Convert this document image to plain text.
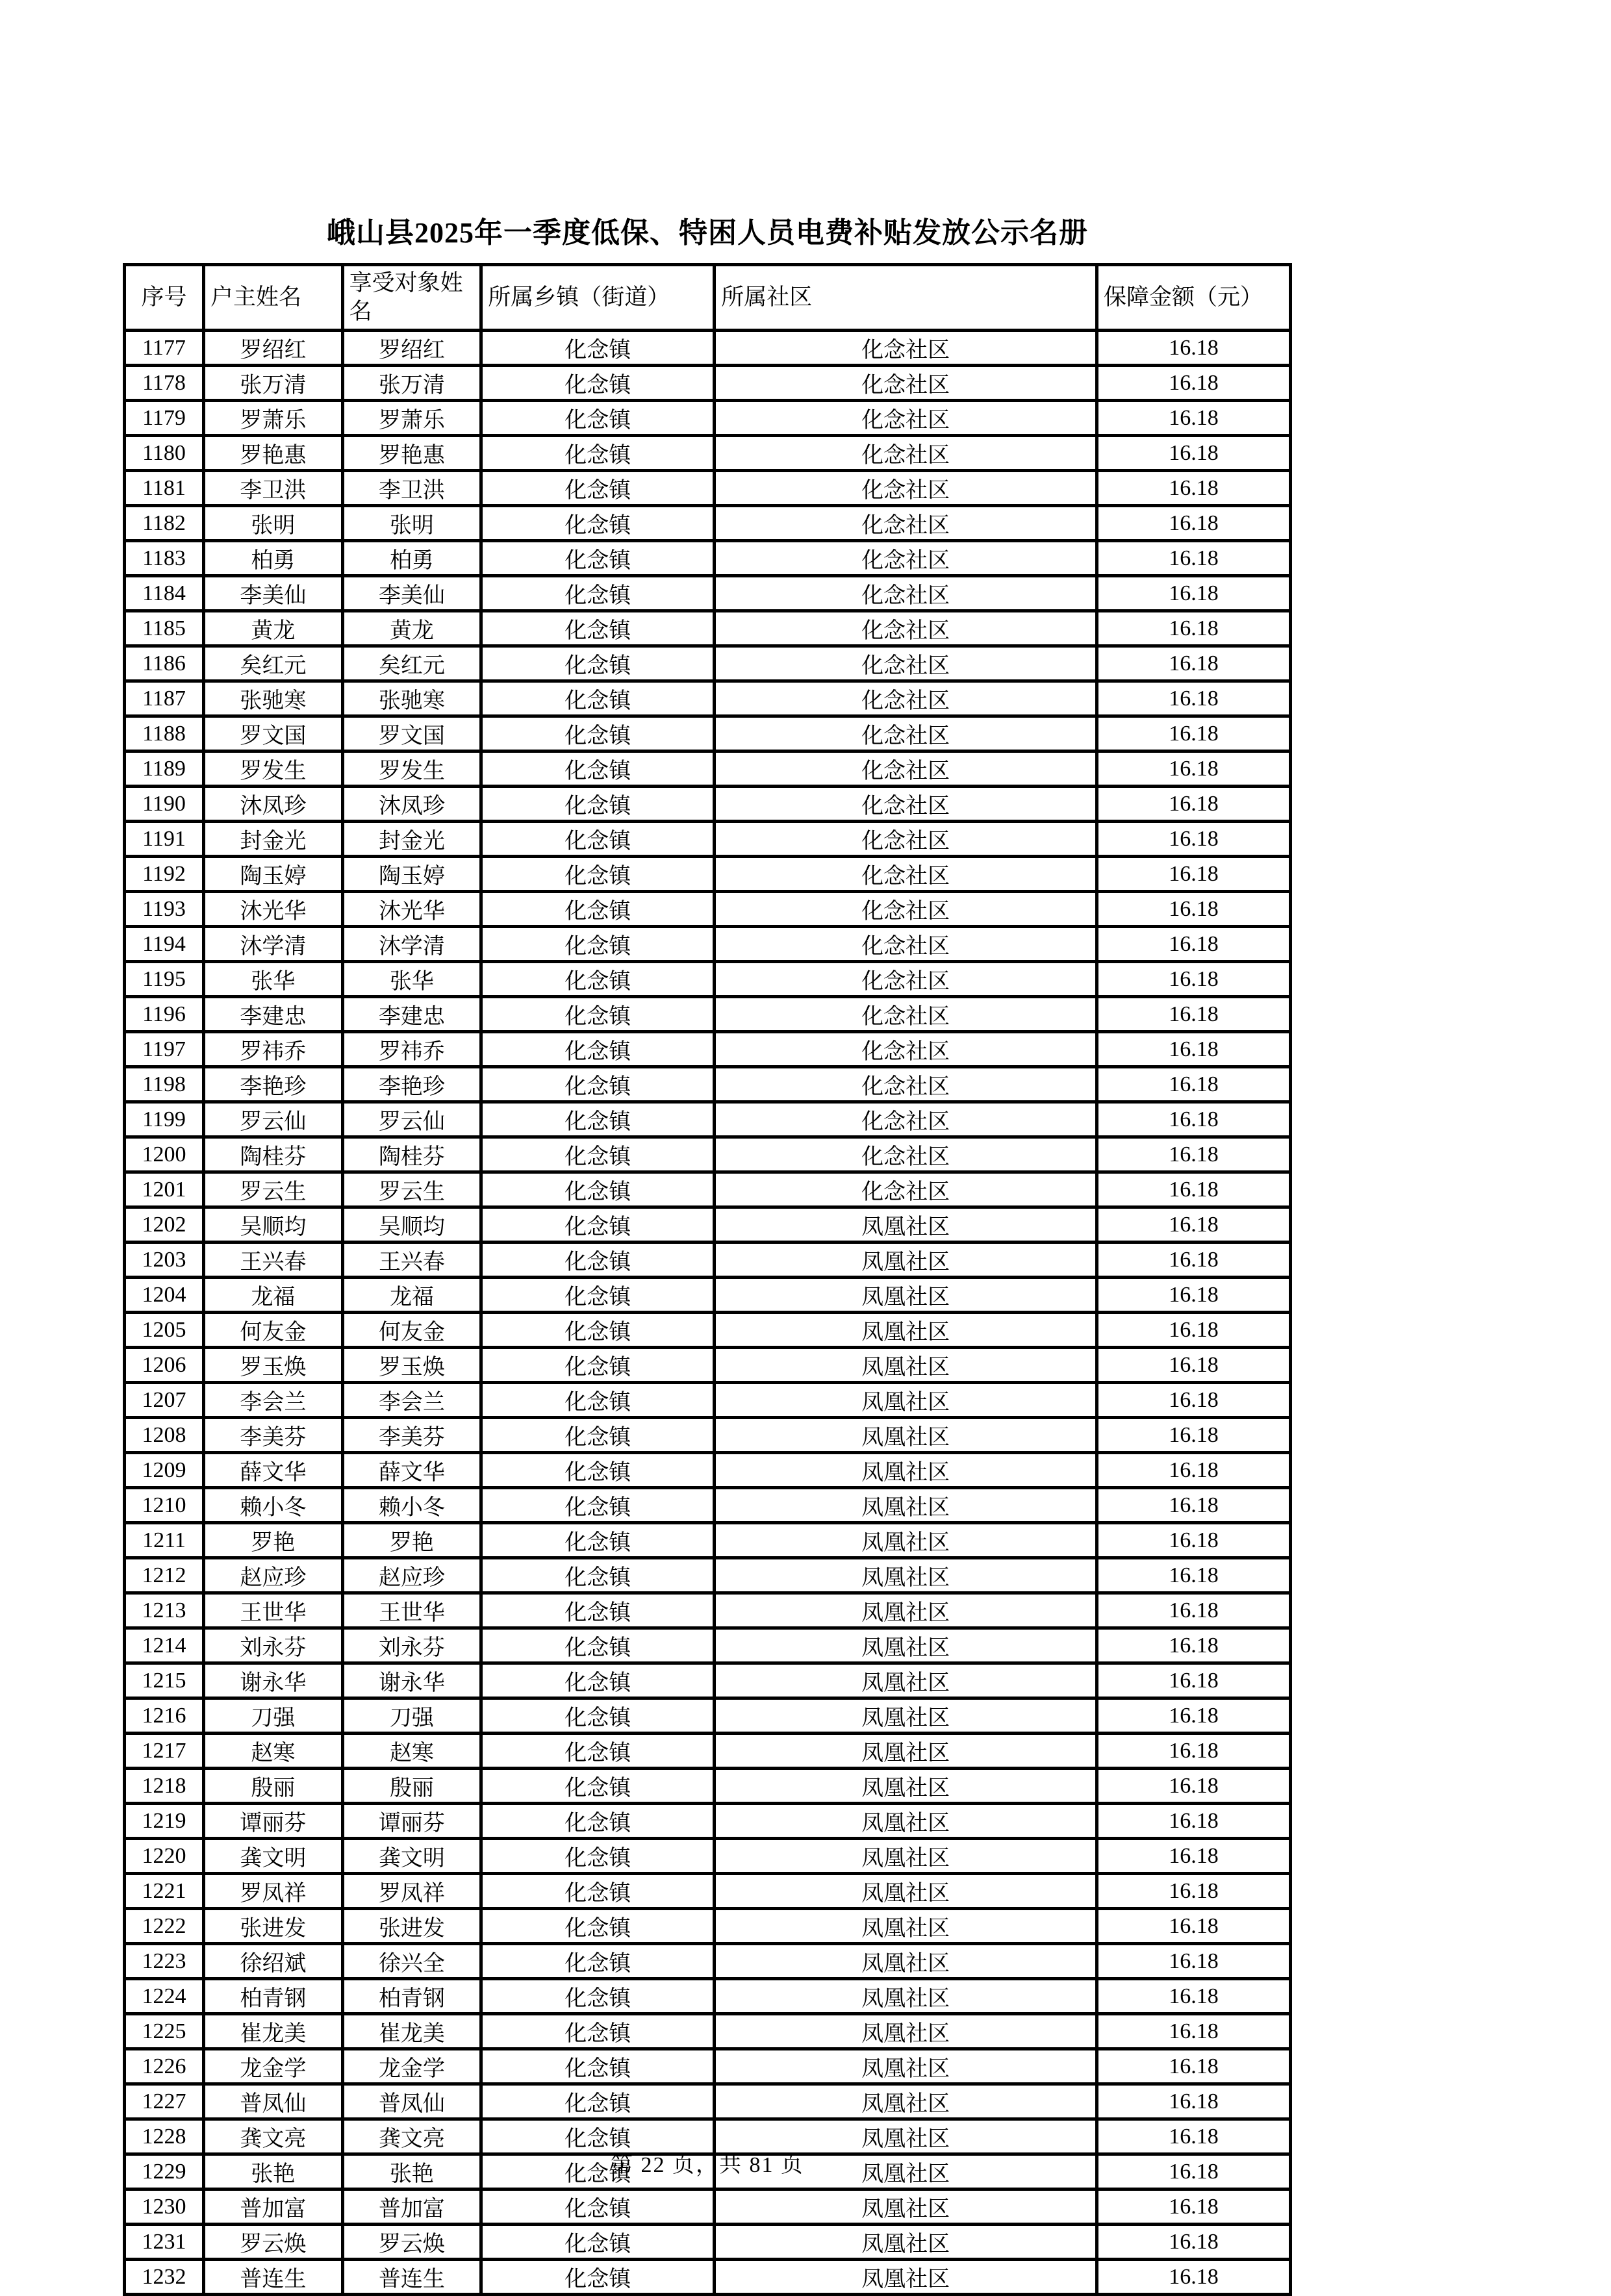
峨山县2025年一季度低保、特困人员电费补贴发放公示名册
序号	户主姓名	享受对象姓名	所属乡镇（街道）	所属社区	保障金额（元）
1177	罗绍红	罗绍红	化念镇	化念社区	16.18
1178	张万清	张万清	化念镇	化念社区	16.18
1179	罗萧乐	罗萧乐	化念镇	化念社区	16.18
1180	罗艳惠	罗艳惠	化念镇	化念社区	16.18
1181	李卫洪	李卫洪	化念镇	化念社区	16.18
1182	张明	张明	化念镇	化念社区	16.18
1183	柏勇	柏勇	化念镇	化念社区	16.18
1184	李美仙	李美仙	化念镇	化念社区	16.18
1185	黄龙	黄龙	化念镇	化念社区	16.18
1186	矣红元	矣红元	化念镇	化念社区	16.18
1187	张驰寒	张驰寒	化念镇	化念社区	16.18
1188	罗文国	罗文国	化念镇	化念社区	16.18
1189	罗发生	罗发生	化念镇	化念社区	16.18
1190	沐凤珍	沐凤珍	化念镇	化念社区	16.18
1191	封金光	封金光	化念镇	化念社区	16.18
1192	陶玉婷	陶玉婷	化念镇	化念社区	16.18
1193	沐光华	沐光华	化念镇	化念社区	16.18
1194	沐学清	沐学清	化念镇	化念社区	16.18
1195	张华	张华	化念镇	化念社区	16.18
1196	李建忠	李建忠	化念镇	化念社区	16.18
1197	罗祎乔	罗祎乔	化念镇	化念社区	16.18
1198	李艳珍	李艳珍	化念镇	化念社区	16.18
1199	罗云仙	罗云仙	化念镇	化念社区	16.18
1200	陶桂芬	陶桂芬	化念镇	化念社区	16.18
1201	罗云生	罗云生	化念镇	化念社区	16.18
1202	吴顺均	吴顺均	化念镇	凤凰社区	16.18
1203	王兴春	王兴春	化念镇	凤凰社区	16.18
1204	龙福	龙福	化念镇	凤凰社区	16.18
1205	何友金	何友金	化念镇	凤凰社区	16.18
1206	罗玉焕	罗玉焕	化念镇	凤凰社区	16.18
1207	李会兰	李会兰	化念镇	凤凰社区	16.18
1208	李美芬	李美芬	化念镇	凤凰社区	16.18
1209	薛文华	薛文华	化念镇	凤凰社区	16.18
1210	赖小冬	赖小冬	化念镇	凤凰社区	16.18
1211	罗艳	罗艳	化念镇	凤凰社区	16.18
1212	赵应珍	赵应珍	化念镇	凤凰社区	16.18
1213	王世华	王世华	化念镇	凤凰社区	16.18
1214	刘永芬	刘永芬	化念镇	凤凰社区	16.18
1215	谢永华	谢永华	化念镇	凤凰社区	16.18
1216	刀强	刀强	化念镇	凤凰社区	16.18
1217	赵寒	赵寒	化念镇	凤凰社区	16.18
1218	殷丽	殷丽	化念镇	凤凰社区	16.18
1219	谭丽芬	谭丽芬	化念镇	凤凰社区	16.18
1220	龚文明	龚文明	化念镇	凤凰社区	16.18
1221	罗凤祥	罗凤祥	化念镇	凤凰社区	16.18
1222	张进发	张进发	化念镇	凤凰社区	16.18
1223	徐绍斌	徐兴全	化念镇	凤凰社区	16.18
1224	柏青钢	柏青钢	化念镇	凤凰社区	16.18
1225	崔龙美	崔龙美	化念镇	凤凰社区	16.18
1226	龙金学	龙金学	化念镇	凤凰社区	16.18
1227	普凤仙	普凤仙	化念镇	凤凰社区	16.18
1228	龚文亮	龚文亮	化念镇	凤凰社区	16.18
1229	张艳	张艳	化念镇	凤凰社区	16.18
1230	普加富	普加富	化念镇	凤凰社区	16.18
1231	罗云焕	罗云焕	化念镇	凤凰社区	16.18
1232	普连生	普连生	化念镇	凤凰社区	16.18
第 22 页，共 81 页
